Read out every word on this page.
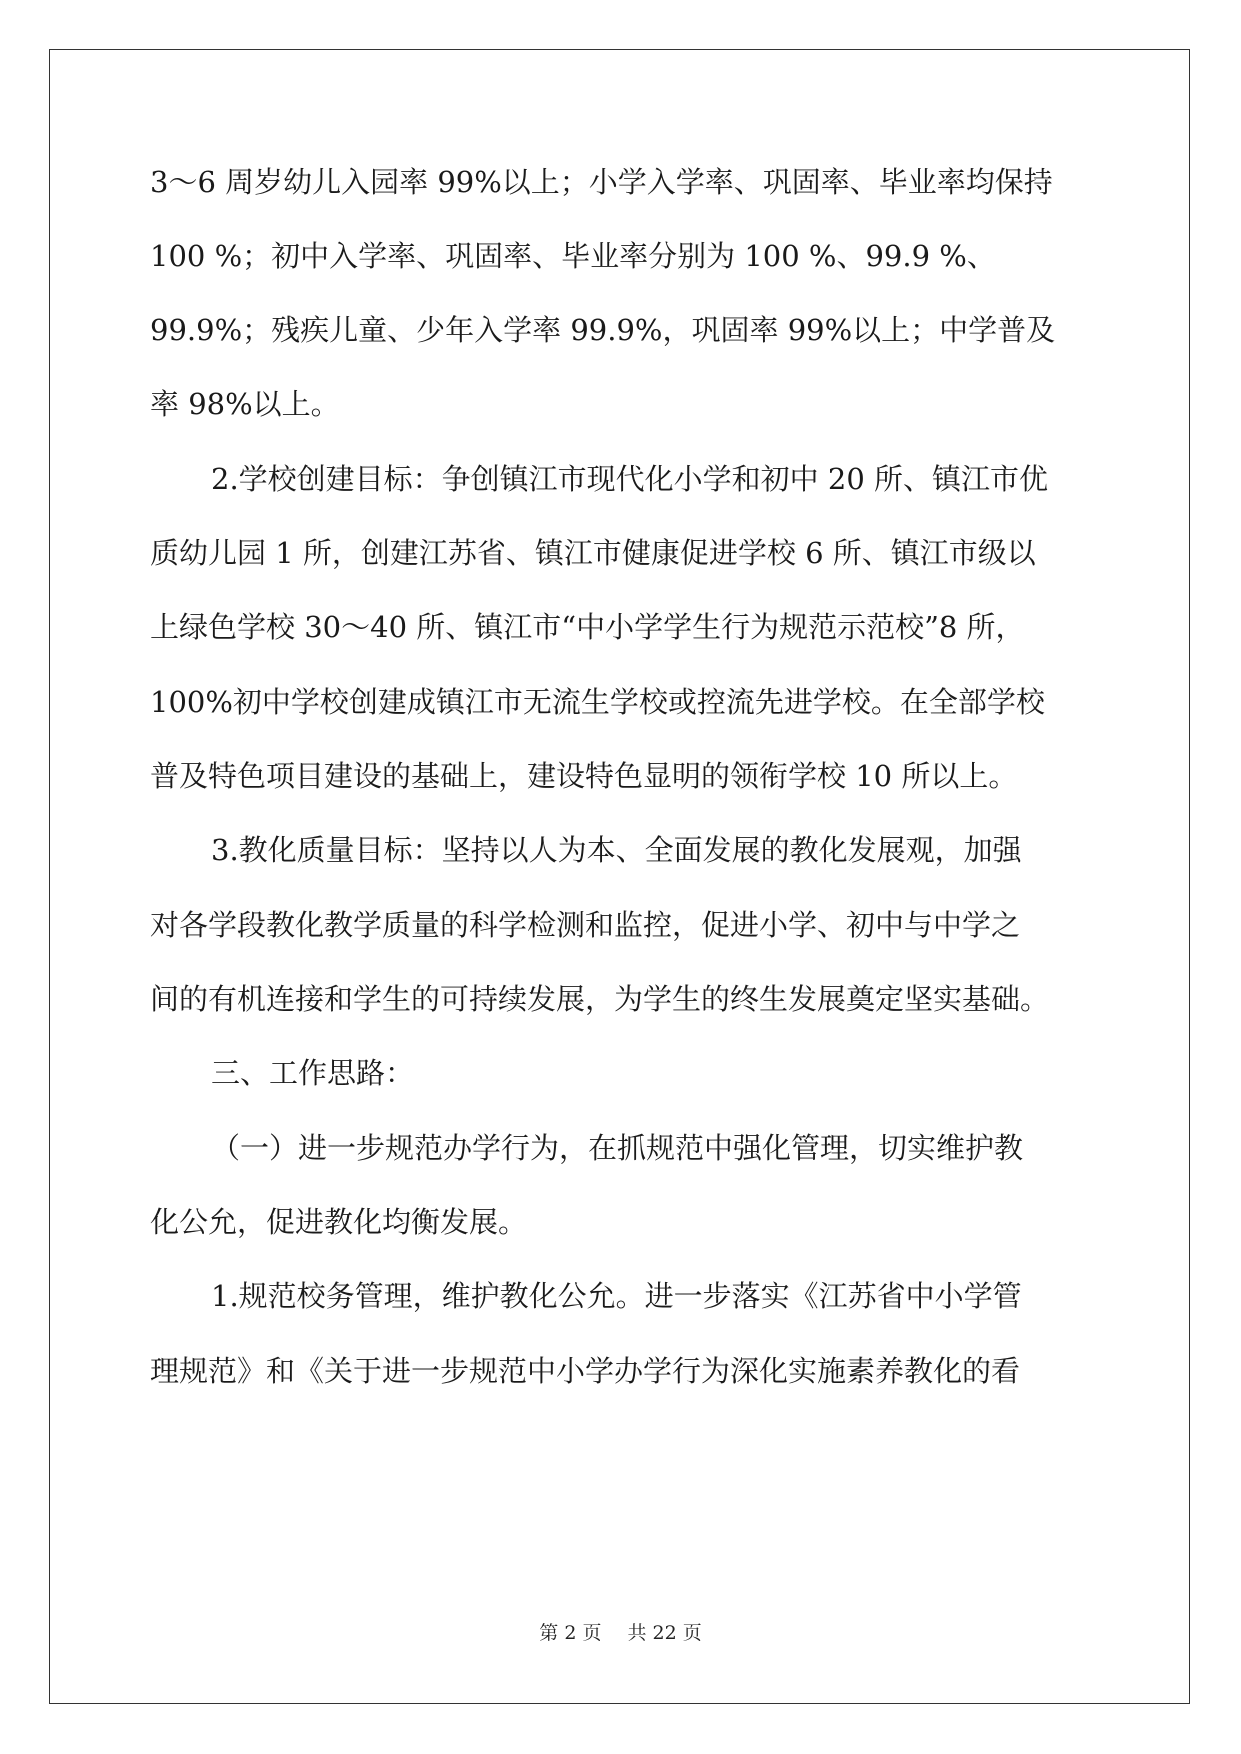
3～6 周岁幼儿入园率 99%以上；小学入学率、巩固率、毕业率均保持
100 %；初中入学率、巩固率、毕业率分别为 100 %、99.9 %、
99.9%；残疾儿童、少年入学率 99.9%，巩固率 99%以上；中学普及
率 98%以上。
2.学校创建目标：争创镇江市现代化小学和初中 20 所、镇江市优
质幼儿园 1 所，创建江苏省、镇江市健康促进学校 6 所、镇江市级以
上绿色学校 30～40 所、镇江市“中小学学生行为规范示范校”8 所，
100%初中学校创建成镇江市无流生学校或控流先进学校。在全部学校
普及特色项目建设的基础上，建设特色显明的领衔学校 10 所以上。
3.教化质量目标：坚持以人为本、全面发展的教化发展观，加强
对各学段教化教学质量的科学检测和监控，促进小学、初中与中学之
间的有机连接和学生的可持续发展，为学生的终生发展奠定坚实基础。
三、工作思路：
（一）进一步规范办学行为，在抓规范中强化管理，切实维护教
化公允，促进教化均衡发展。
1.规范校务管理，维护教化公允。进一步落实《江苏省中小学管
理规范》和《关于进一步规范中小学办学行为深化实施素养教化的看
第 2 页 共 22 页
